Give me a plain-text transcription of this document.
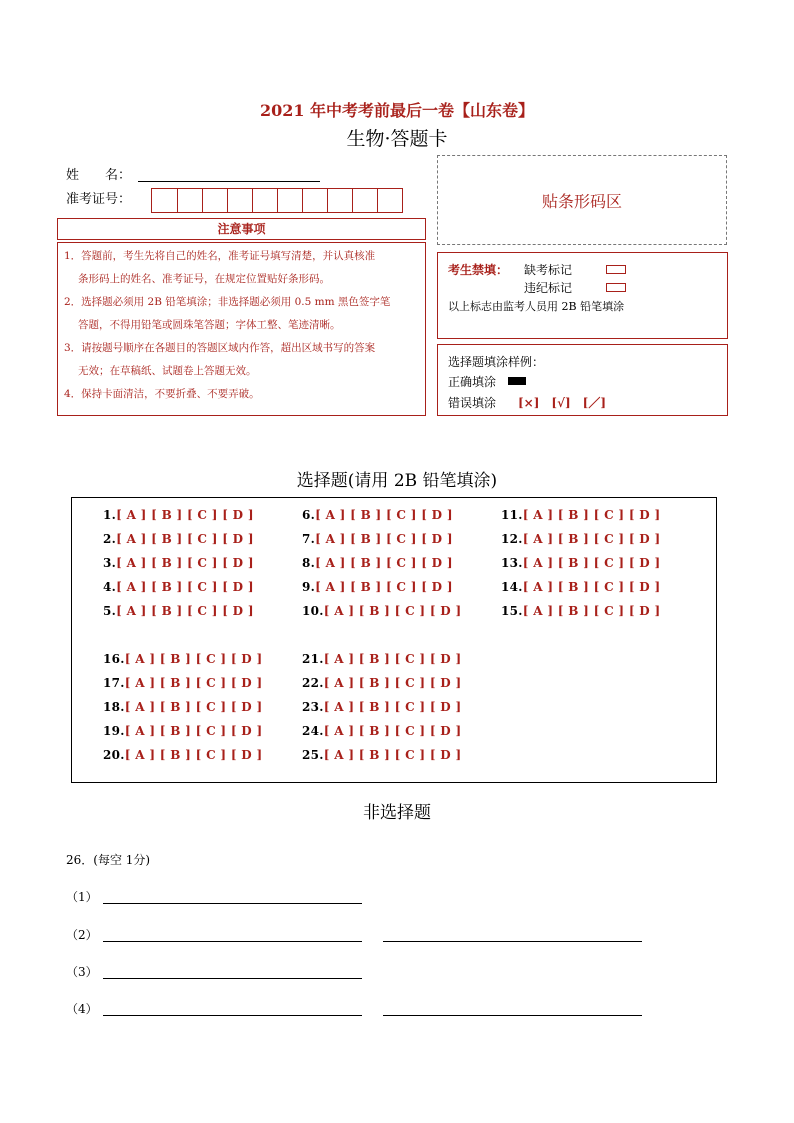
2021 年中考考前最后一卷【山东卷】
生物·答题卡
姓　　名：
准考证号：	贴条形码区
注意事项

1．答题前，考生先将自己的姓名，准考证号填写清楚，并认真核准

条形码上的姓名、准考证号，在规定位置贴好条形码。

2．选择题必须用 2B 铅笔填涂；非选择题必须用 0.5 mm 黑色签字笔

答题，不得用铅笔或圆珠笔答题；字体工整、笔迹清晰。

3．请按题号顺序在各题目的答题区域内作答，超出区域书写的答案

无效；在草稿纸、试题卷上答题无效。

4．保持卡面清洁，不要折叠、不要弄破。

考生禁填： 缺考标记
违纪标记
以上标志由监考人员用 2B 铅笔填涂
选择题填涂样例：
正确填涂
错误填涂 [×]　[√]　[／]
选择题(请用 2B 铅笔填涂)
1.[ A ] [ B ] [ C ] [ D ]
2.[ A ] [ B ] [ C ] [ D ]
3.[ A ] [ B ] [ C ] [ D ]
4.[ A ] [ B ] [ C ] [ D ]
5.[ A ] [ B ] [ C ] [ D ]
6.[ A ] [ B ] [ C ] [ D ]
7.[ A ] [ B ] [ C ] [ D ]
8.[ A ] [ B ] [ C ] [ D ]
9.[ A ] [ B ] [ C ] [ D ]
10.[ A ] [ B ] [ C ] [ D ]
11.[ A ] [ B ] [ C ] [ D ]
12.[ A ] [ B ] [ C ] [ D ]
13.[ A ] [ B ] [ C ] [ D ]
14.[ A ] [ B ] [ C ] [ D ]
15.[ A ] [ B ] [ C ] [ D ]
16.[ A ] [ B ] [ C ] [ D ]
17.[ A ] [ B ] [ C ] [ D ]
18.[ A ] [ B ] [ C ] [ D ]
19.[ A ] [ B ] [ C ] [ D ]
20.[ A ] [ B ] [ C ] [ D ]
21.[ A ] [ B ] [ C ] [ D ]
22.[ A ] [ B ] [ C ] [ D ]
23.[ A ] [ B ] [ C ] [ D ]
24.[ A ] [ B ] [ C ] [ D ]
25.[ A ] [ B ] [ C ] [ D ]
非选择题
26．(每空 1分)
（1）
（2）
（3）
（4）
